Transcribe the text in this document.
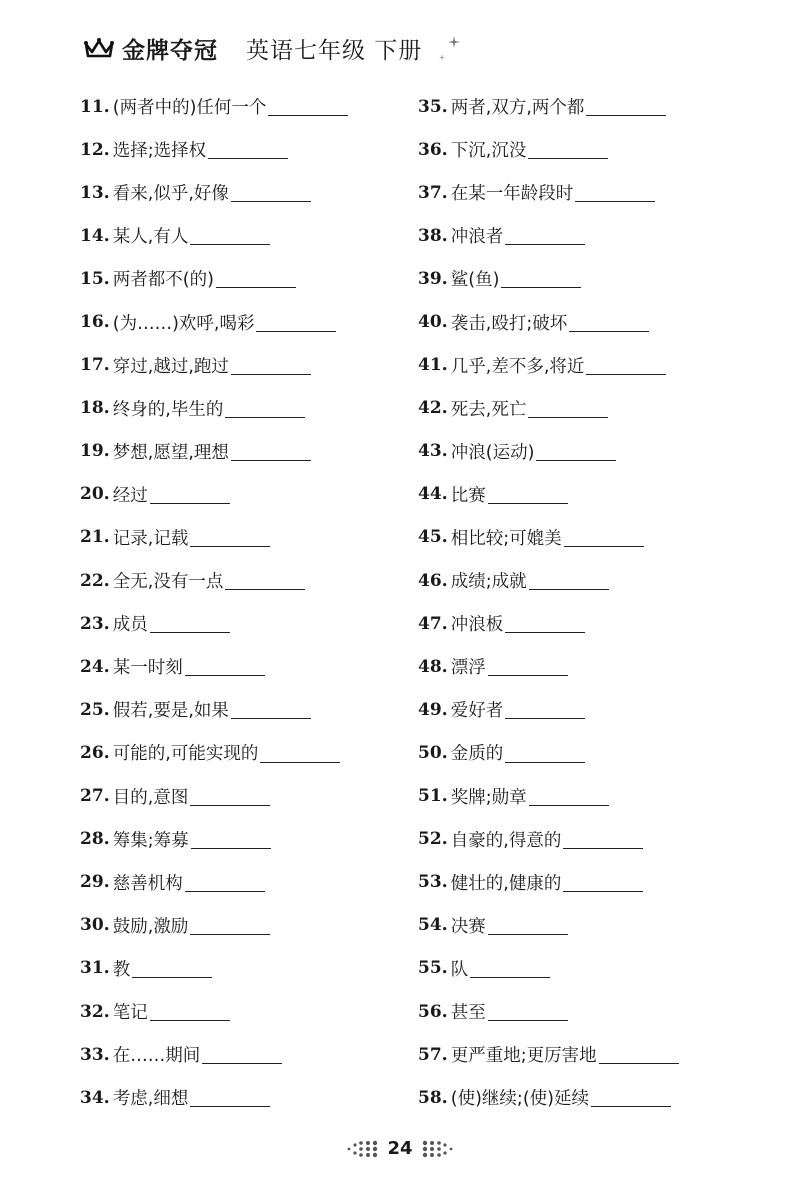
金牌夺冠 英语七年级 下册
11 . (两者中的)任何一个
12 . 选择;选择权
13 . 看来,似乎,好像
14 . 某人,有人
15 . 两者都不(的)
16 . (为……)欢呼,喝彩
17 . 穿过,越过,跑过
18 . 终身的,毕生的
19 . 梦想,愿望,理想
20 . 经过
21 . 记录,记载
22 . 全无,没有一点
23 . 成员
24 . 某一时刻
25 . 假若,要是,如果
26 . 可能的,可能实现的
27 . 目的,意图
28 . 筹集;筹募
29 . 慈善机构
30 . 鼓励,激励
31 . 教
32 . 笔记
33 . 在……期间
34 . 考虑,细想
35 . 两者,双方,两个都
36 . 下沉,沉没
37 . 在某一年龄段时
38 . 冲浪者
39 . 鲨(鱼)
40 . 袭击,殴打;破坏
41 . 几乎,差不多,将近
42 . 死去,死亡
43 . 冲浪(运动)
44 . 比赛
45 . 相比较;可媲美
46 . 成绩;成就
47 . 冲浪板
48 . 漂浮
49 . 爱好者
50 . 金质的
51 . 奖牌;勋章
52 . 自豪的,得意的
53 . 健壮的,健康的
54 . 决赛
55 . 队
56 . 甚至
57 . 更严重地;更厉害地
58 . (使)继续;(使)延续
24
